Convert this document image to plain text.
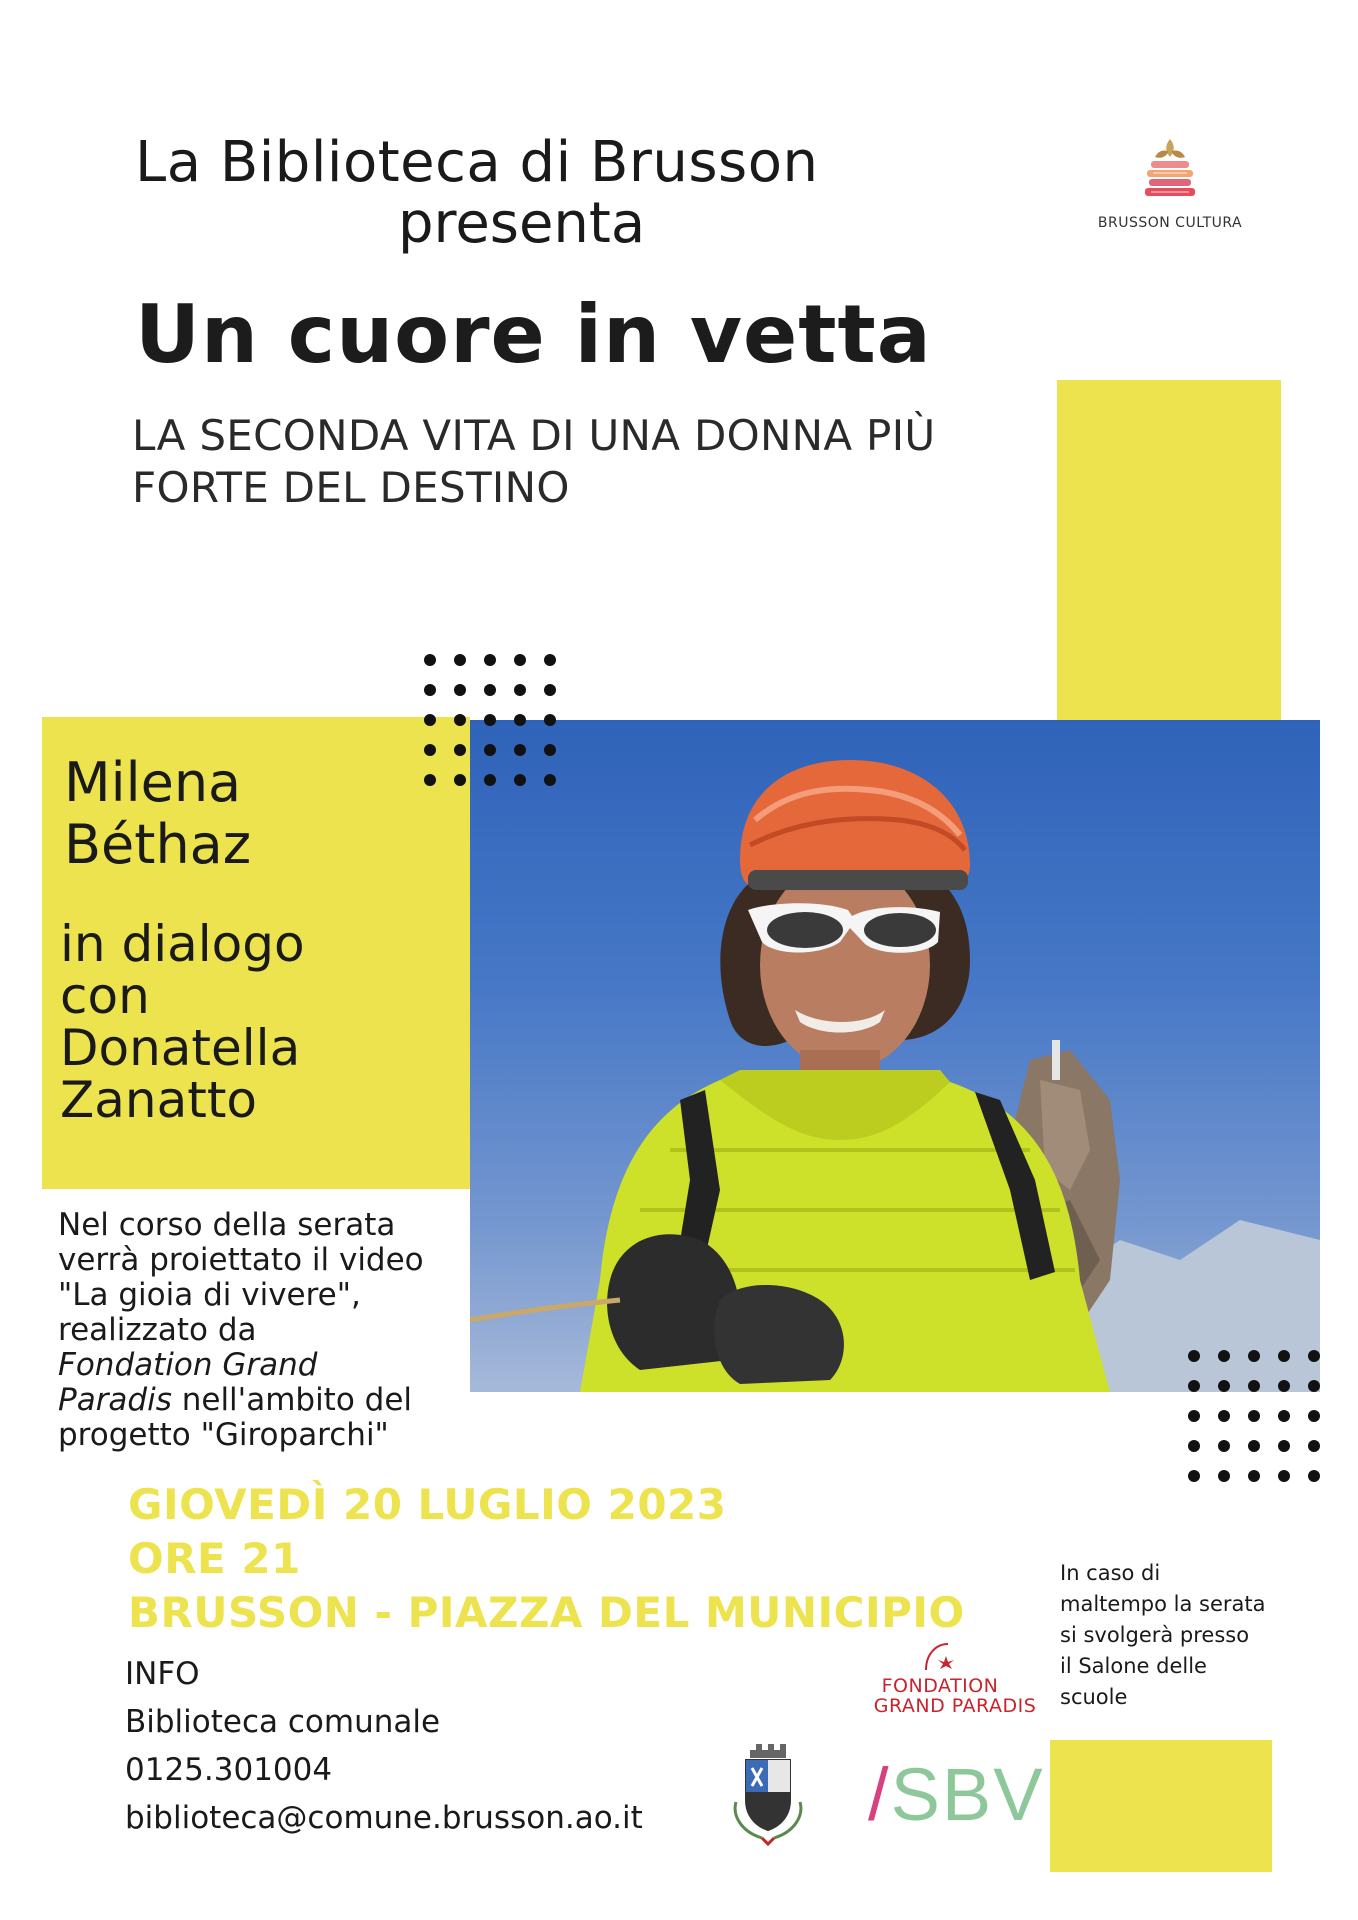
La Biblioteca di Brusson
presenta
Un cuore in vetta
LA SECONDA VITA DI UNA DONNA PIÙ
FORTE DEL DESTINO
BRUSSON CULTURA
Milena
Béthaz
in dialogo
con
Donatella
Zanatto
Nel corso della serata
verrà proiettato il video
"La gioia di vivere",
realizzato da
Fondation Grand
Paradis nell'ambito del
progetto "Giroparchi"
GIOVEDÌ 20 LUGLIO 2023
ORE 21
BRUSSON - PIAZZA DEL MUNICIPIO
INFO
Biblioteca comunale
0125.301004
biblioteca@comune.brusson.ao.it
In caso di
maltempo la serata
si svolgerà presso
il Salone delle
scuole
FONDATION
GRAND PARADIS
/SBV
